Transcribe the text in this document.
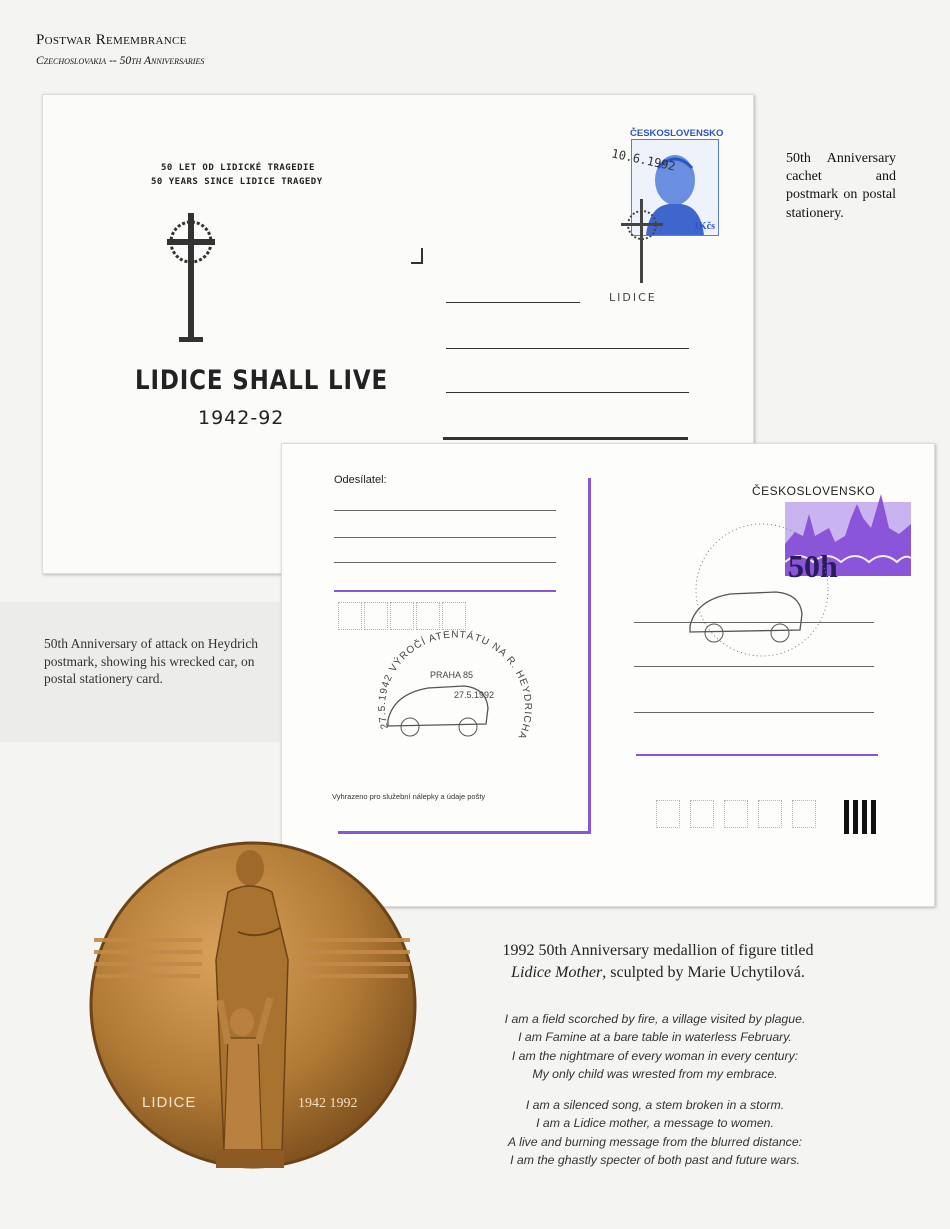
Postwar Remembrance
Czechoslovakia -- 50th Anniversaries
50 LET OD LIDICKÉ TRAGEDIE
50 YEARS SINCE LIDICE TRAGEDY
LIDICE SHALL LIVE
1942-92
ČESKOSLOVENSKO
1Kčs
10.6.1992
LIDICE
50th Anniversary cachet and postmark on postal stationery.
50th Anniversary of attack on Heydrich postmark, showing his wrecked car, on postal stationery card.
Odesílatel:
27.5.1942 VÝROČÍ ATENTÁTU NA R. HEYDRICHA
PRAHA 85
27.5.1992
Vyhrazeno pro služební nálepky a údaje pošty
ČESKOSLOVENSKO
50h
LIDICE	1942 1992
1992 50th Anniversary medallion of figure titled
Lidice Mother, sculpted by Marie Uchytilová.

I am a field scorched by fire, a village visited by plague.
I am Famine at a bare table in waterless February.
I am the nightmare of every woman in every century:
My only child was wrested from my embrace.

I am a silenced song, a stem broken in a storm.
I am a Lidice mother, a message to women.
A live and burning message from the blurred distance:
I am the ghastly specter of both past and future wars.
